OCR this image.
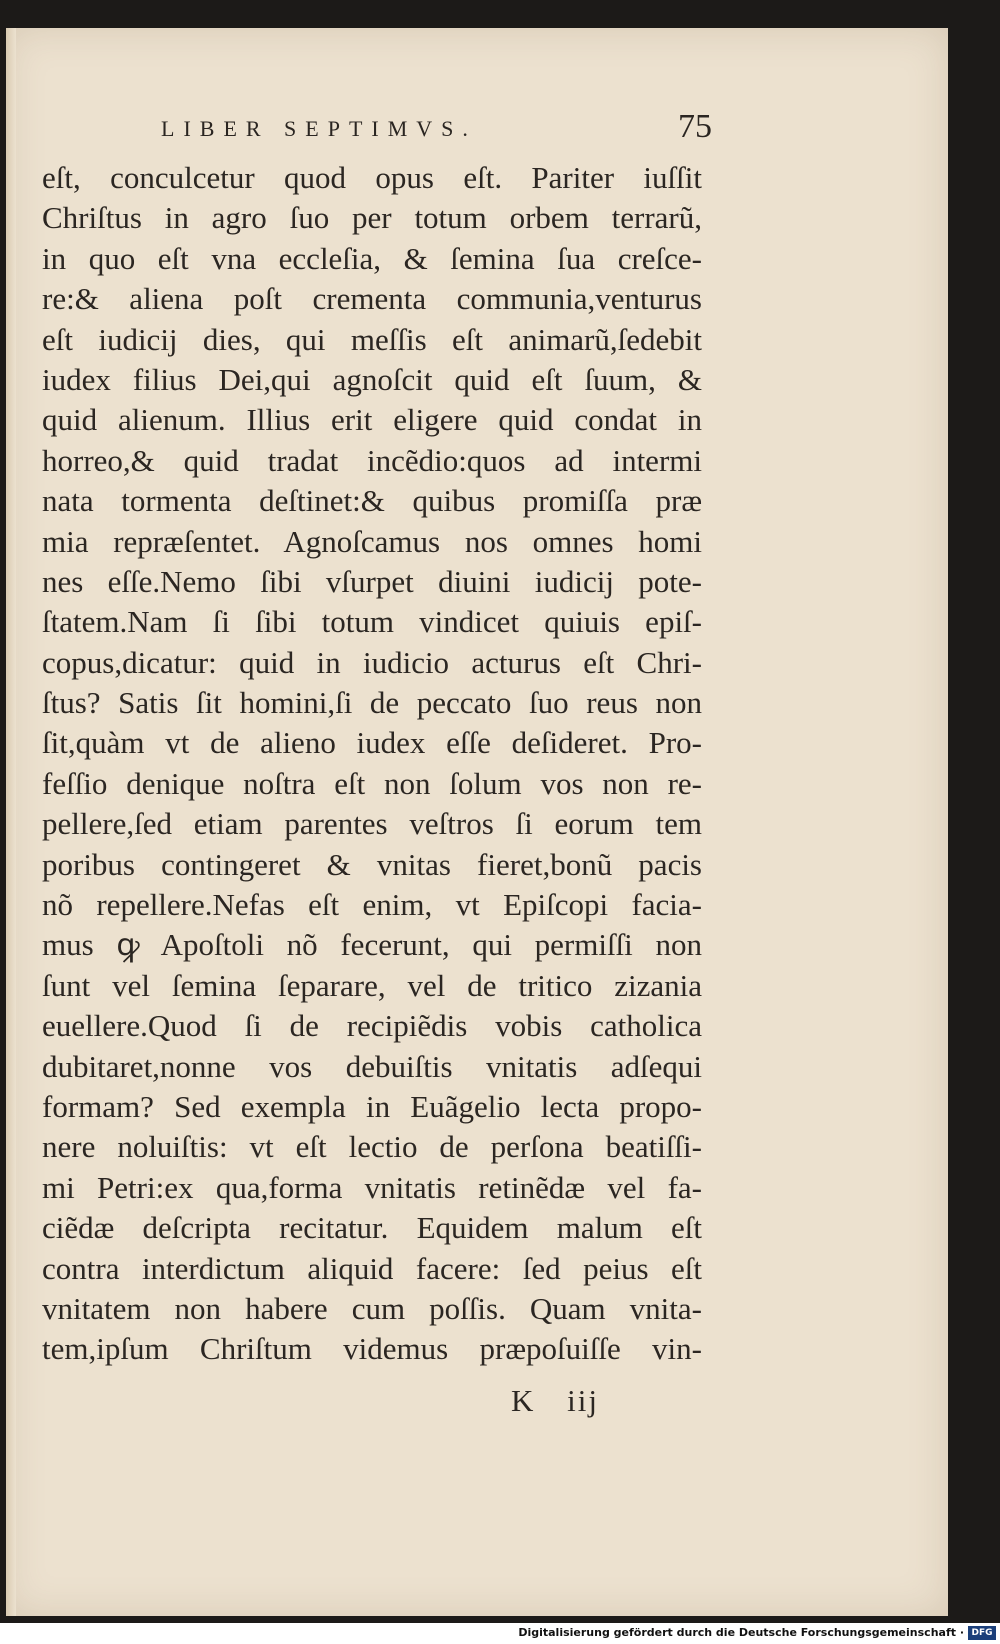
LIBER SEPTIMVS.	75
eſt, conculcetur quod opus eſt. Pariter iuſſit
Chriſtus in agro ſuo per totum orbem terrarũ,
in quo eſt vna eccleſia, & ſemina ſua creſce-
re:& aliena poſt crementa communia,venturus
eſt iudicij dies, qui meſſis eſt animarũ,ſedebit
iudex filius Dei,qui agnoſcit quid eſt ſuum, &
quid alienum. Illius erit eligere quid condat in
horreo,& quid tradat incẽdio:quos ad intermi
nata tormenta deſtinet:& quibus promiſſa præ
mia repræſentet. Agnoſcamus nos omnes homi
nes eſſe.Nemo ſibi vſurpet diuini iudicij pote-
ſtatem.Nam ſi ſibi totum vindicet quiuis epiſ-
copus,dicatur: quid in iudicio acturus eſt Chri-
ſtus? Satis ſit homini,ſi de peccato ſuo reus non
ſit,quàm vt de alieno iudex eſſe deſideret. Pro-
feſſio denique noſtra eſt non ſolum vos non re-
pellere,ſed etiam parentes veſtros ſi eorum tem
poribus contingeret & vnitas fieret,bonũ pacis
nõ repellere.Nefas eſt enim, vt Epiſcopi facia-
mus ꝙ Apoſtoli nõ fecerunt, qui permiſſi non
ſunt vel ſemina ſeparare, vel de tritico zizania
euellere.Quod ſi de recipiẽdis vobis catholica
dubitaret,nonne vos debuiſtis vnitatis adſequi
formam? Sed exempla in Euãgelio lecta propo-
nere noluiſtis: vt eſt lectio de perſona beatiſſi-
mi Petri:ex qua,forma vnitatis retinẽdæ vel fa-
ciẽdæ deſcripta recitatur. Equidem malum eſt
contra interdictum aliquid facere: ſed peius eſt
vnitatem non habere cum poſſis. Quam vnita-
tem,ipſum Chriſtum videmus præpoſuiſſe vin-
K iij
Digitalisierung gefördert durch die Deutsche Forschungsgemeinschaft · DFG
